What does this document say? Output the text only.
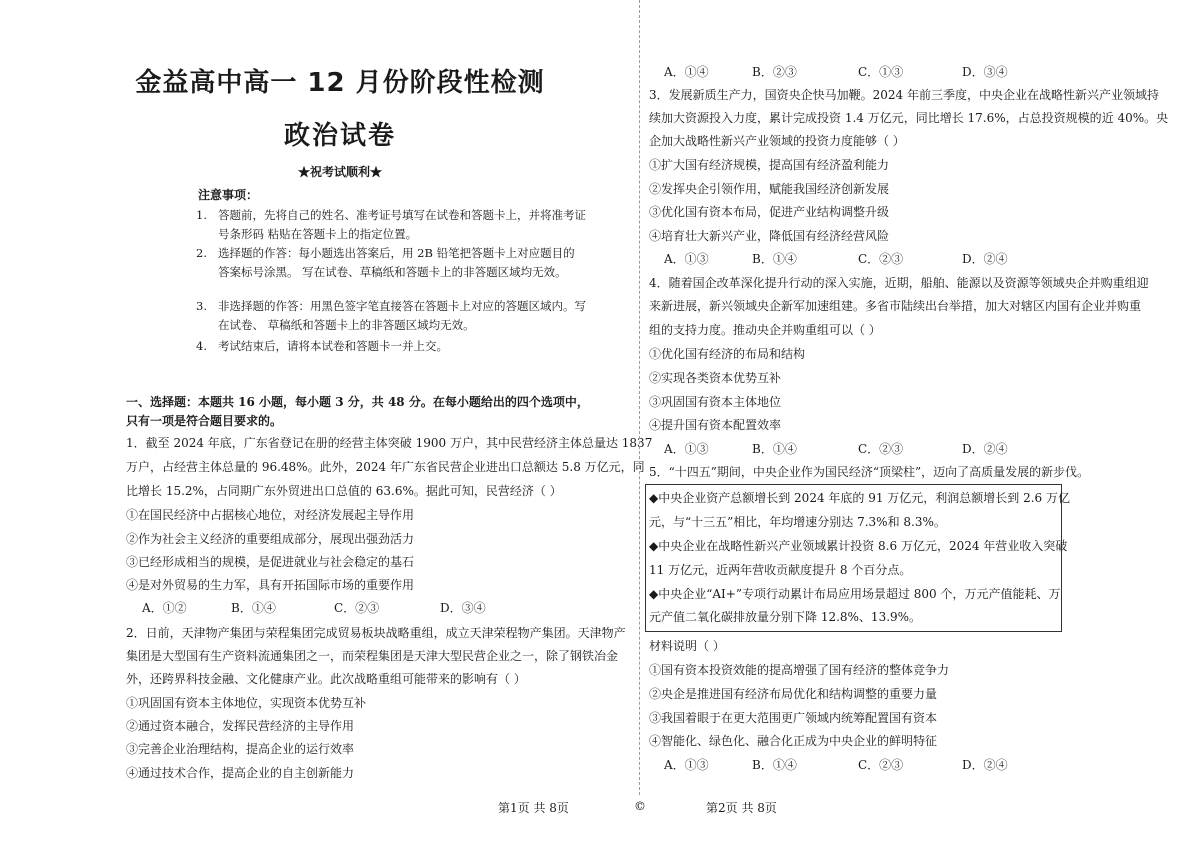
金益高中高一 12 月份阶段性检测
政治试卷
★祝考试顺利★
注意事项：
1. 答题前，先将自己的姓名、准考证号填写在试卷和答题卡上，并将准考证号条形码 粘贴在答题卡上的指定位置。
2. 选择题的作答：每小题选出答案后，用 2B 铅笔把答题卡上对应题目的答案标号涂黑。 写在试卷、草稿纸和答题卡上的非答题区域均无效。
3. 非选择题的作答：用黑色签字笔直接答在答题卡上对应的答题区域内。写在试卷、 草稿纸和答题卡上的非答题区域均无效。
4. 考试结束后，请将本试卷和答题卡一并上交。
一、选择题：本题共 16 小题，每小题 3 分，共 48 分。在每小题给出的四个选项中，
只有一项是符合题目要求的。
1．截至 2024 年底，广东省登记在册的经营主体突破 1900 万户，其中民营经济主体总量达 1837
万户，占经营主体总量的 96.48%。此外，2024 年广东省民营企业进出口总额达 5.8 万亿元，同
比增长 15.2%，占同期广东外贸进出口总值的 63.6%。据此可知，民营经济（ ）
①在国民经济中占据核心地位，对经济发展起主导作用
②作为社会主义经济的重要组成部分，展现出强劲活力
③已经形成相当的规模，是促进就业与社会稳定的基石
④是对外贸易的生力军，具有开拓国际市场的重要作用
A．①②	B．①④	C．②③	D．③④
2．日前，天津物产集团与荣程集团完成贸易板块战略重组，成立天津荣程物产集团。天津物产
集团是大型国有生产资料流通集团之一，而荣程集团是天津大型民营企业之一，除了钢铁冶金
外，还跨界科技金融、文化健康产业。此次战略重组可能带来的影响有（ ）
①巩固国有资本主体地位，实现资本优势互补
②通过资本融合，发挥民营经济的主导作用
③完善企业治理结构，提高企业的运行效率
④通过技术合作，提高企业的自主创新能力
A．①④	B．②③	C．①③	D．③④
3．发展新质生产力，国资央企快马加鞭。2024 年前三季度，中央企业在战略性新兴产业领域持
续加大资源投入力度，累计完成投资 1.4 万亿元，同比增长 17.6%，占总投资规模的近 40%。央
企加大战略性新兴产业领域的投资力度能够（ ）
①扩大国有经济规模，提高国有经济盈利能力
②发挥央企引领作用，赋能我国经济创新发展
③优化国有资本布局，促进产业结构调整升级
④培育壮大新兴产业，降低国有经济经营风险
A．①③	B．①④	C．②③	D．②④
4．随着国企改革深化提升行动的深入实施，近期，船舶、能源以及资源等领域央企并购重组迎
来新进展，新兴领域央企新军加速组建。多省市陆续出台举措，加大对辖区内国有企业并购重
组的支持力度。推动央企并购重组可以（ ）
①优化国有经济的布局和结构
②实现各类资本优势互补
③巩固国有资本主体地位
④提升国有资本配置效率
A．①③	B．①④	C．②③	D．②④
5．“十四五”期间，中央企业作为国民经济“顶梁柱”，迈向了高质量发展的新步伐。
◆中央企业资产总额增长到 2024 年底的 91 万亿元，利润总额增长到 2.6 万亿
元，与“十三五”相比，年均增速分别达 7.3%和 8.3%。
◆中央企业在战略性新兴产业领域累计投资 8.6 万亿元，2024 年营业收入突破
11 万亿元，近两年营收贡献度提升 8 个百分点。
◆中央企业“AI+”专项行动累计布局应用场景超过 800 个，万元产值能耗、万
元产值二氧化碳排放量分别下降 12.8%、13.9%。
材料说明（ ）
①国有资本投资效能的提高增强了国有经济的整体竞争力
②央企是推进国有经济布局优化和结构调整的重要力量
③我国着眼于在更大范围更广领域内统筹配置国有资本
④智能化、绿色化、融合化正成为中央企业的鲜明特征
A．①③	B．①④	C．②③	D．②④
第1页 共 8页	©	第2页 共 8页
